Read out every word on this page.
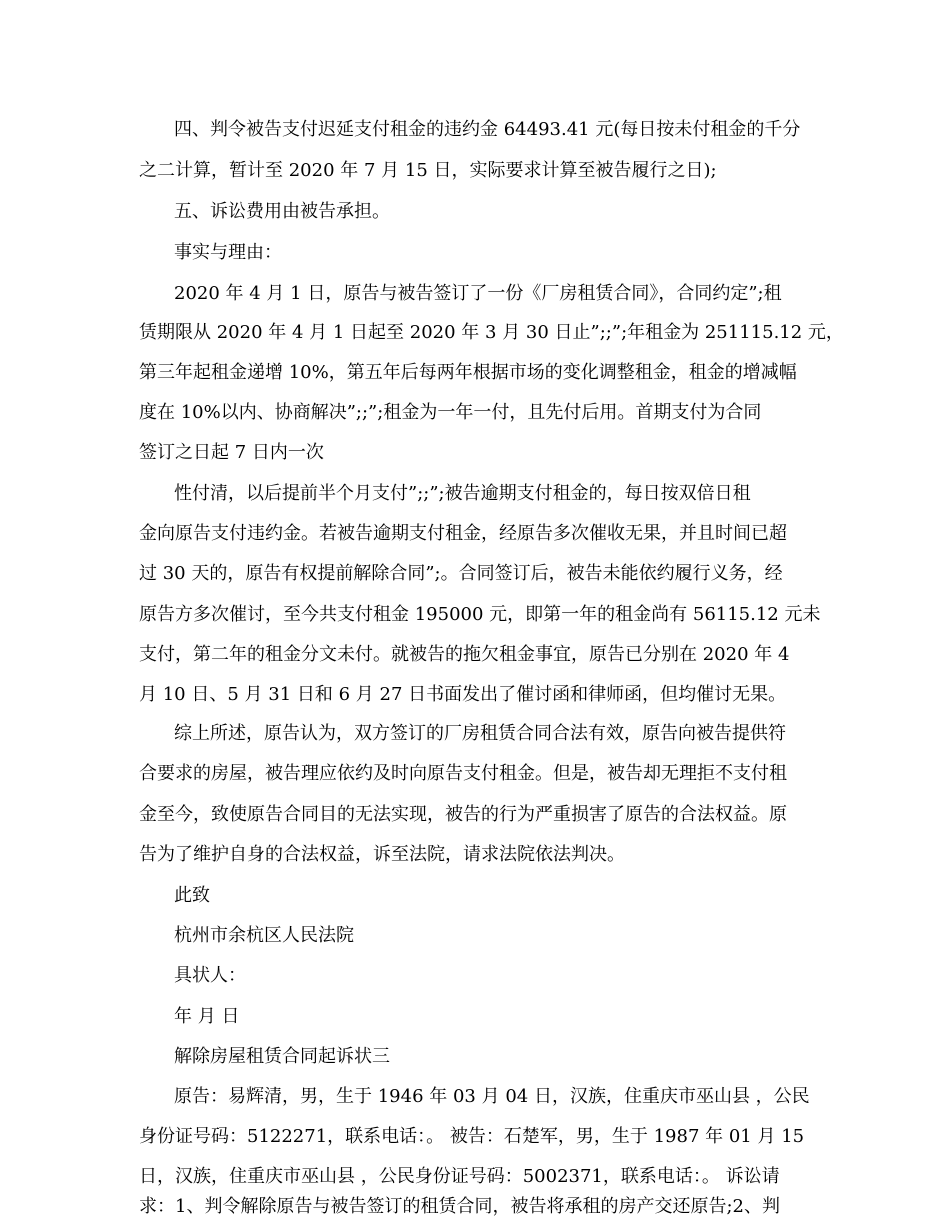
四、判令被告支付迟延支付租金的违约金 64493.41 元(每日按未付租金的千分
之二计算，暂计至 2020 年 7 月 15 日，实际要求计算至被告履行之日);
五、诉讼费用由被告承担。
事实与理由：
2020 年 4 月 1 日，原告与被告签订了一份《厂房租赁合同》，合同约定”;租
赁期限从 2020 年 4 月 1 日起至 2020 年 3 月 30 日止”;;”;年租金为 251115.12 元，
第三年起租金递增 10%，第五年后每两年根据市场的变化调整租金，租金的增减幅
度在 10%以内、协商解决”;;”;租金为一年一付，且先付后用。首期支付为合同
签订之日起 7 日内一次
性付清，以后提前半个月支付”;;”;被告逾期支付租金的，每日按双倍日租
金向原告支付违约金。若被告逾期支付租金，经原告多次催收无果，并且时间已超
过 30 天的，原告有权提前解除合同”;。合同签订后，被告未能依约履行义务，经
原告方多次催讨，至今共支付租金 195000 元，即第一年的租金尚有 56115.12 元未
支付，第二年的租金分文未付。就被告的拖欠租金事宜，原告已分别在 2020 年 4
月 10 日、5 月 31 日和 6 月 27 日书面发出了催讨函和律师函，但均催讨无果。
综上所述，原告认为，双方签订的厂房租赁合同合法有效，原告向被告提供符
合要求的房屋，被告理应依约及时向原告支付租金。但是，被告却无理拒不支付租
金至今，致使原告合同目的无法实现，被告的行为严重损害了原告的合法权益。原
告为了维护自身的合法权益，诉至法院，请求法院依法判决。
此致
杭州市余杭区人民法院
具状人：
年 月 日
解除房屋租赁合同起诉状三
原告：易辉清，男，生于 1946 年 03 月 04 日，汉族，住重庆市巫山县 ，公民
身份证号码：5122271，联系电话：。 被告：石楚军，男，生于 1987 年 01 月 15
日，汉族，住重庆市巫山县 ，公民身份证号码：5002371，联系电话：。 诉讼请
求：1、判令解除原告与被告签订的租赁合同，被告将承租的房产交还原告;2、判
